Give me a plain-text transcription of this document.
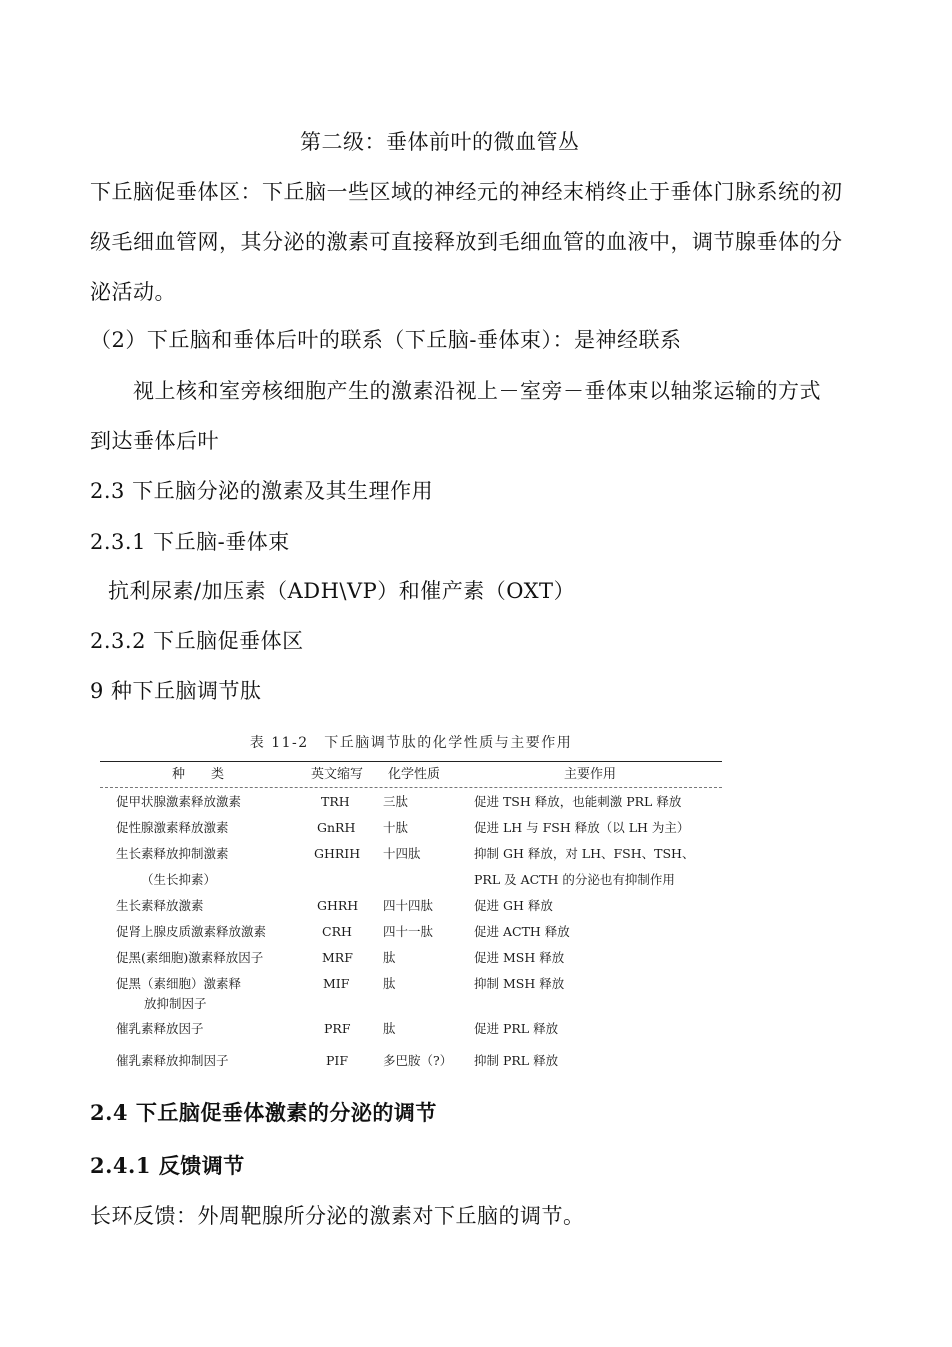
第二级：垂体前叶的微血管丛
下丘脑促垂体区：下丘脑一些区域的神经元的神经末梢终止于垂体门脉系统的初
级毛细血管网，其分泌的激素可直接释放到毛细血管的血液中，调节腺垂体的分
泌活动。
（2）下丘脑和垂体后叶的联系（下丘脑-垂体束）：是神经联系
视上核和室旁核细胞产生的激素沿视上－室旁－垂体束以轴浆运输的方式
到达垂体后叶
2.3 下丘脑分泌的激素及其生理作用
2.3.1 下丘脑-垂体束
抗利尿素/加压素（ADH\VP）和催产素（OXT）
2.3.2 下丘脑促垂体区
9 种下丘脑调节肽
表 11-2　下丘脑调节肽的化学性质与主要作用
种　　类	英文缩写 化学性质	主要作用
促甲状腺激素释放激素	TRH	三肽	促进 TSH 释放，也能刺激 PRL 释放
促性腺激素释放激素	GnRH 十肽	促进 LH 与 FSH 释放（以 LH 为主）
生长素释放抑制激素	GHRIH 十四肽	抑制 GH 释放，对 LH、FSH、TSH、
（生长抑素）	PRL 及 ACTH 的分泌也有抑制作用
生长素释放激素	GHRH 四十四肽	促进 GH 释放
促肾上腺皮质激素释放激素	CRH 四十一肽	促进 ACTH 释放
促黑(素细胞)激素释放因子	MRF 肽	促进 MSH 释放
促黑（素细胞）激素释	MIF	肽	抑制 MSH 释放
放抑制因子
催乳素释放因子	PRF	肽	促进 PRL 释放
催乳素释放抑制因子	PIF	多巴胺（?） 抑制 PRL 释放
2.4 下丘脑促垂体激素的分泌的调节
2.4.1 反馈调节
长环反馈：外周靶腺所分泌的激素对下丘脑的调节。
